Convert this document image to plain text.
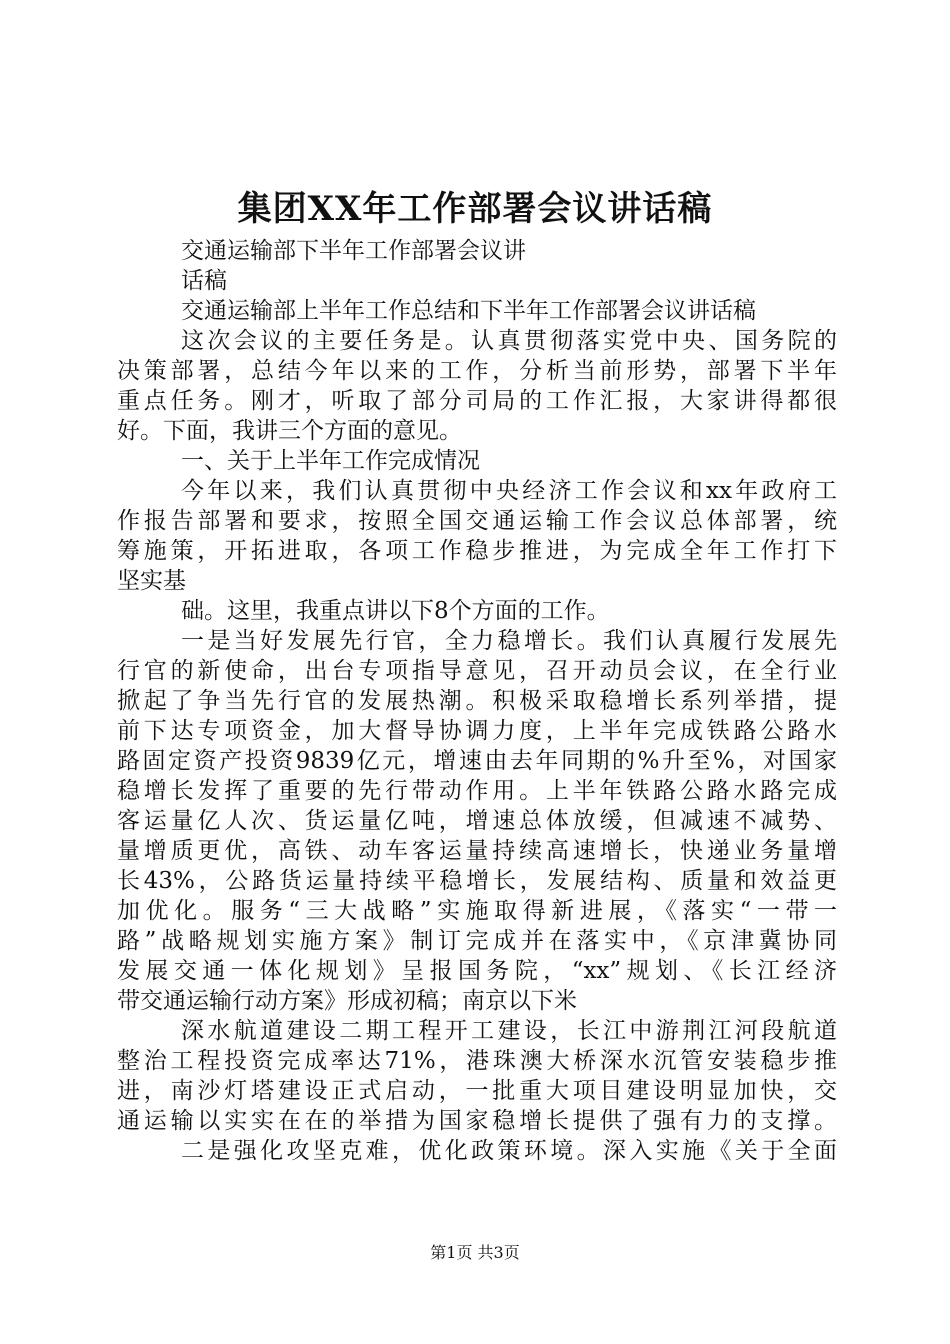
集团XX年工作部署会议讲话稿
交通运输部下半年工作部署会议讲
话稿
交通运输部上半年工作总结和下半年工作部署会议讲话稿
这次会议的主要任务是。认真贯彻落实党中央、国务院的
决策部署，总结今年以来的工作，分析当前形势，部署下半年
重点任务。刚才，听取了部分司局的工作汇报，大家讲得都很
好。下面，我讲三个方面的意见。
一、关于上半年工作完成情况
今年以来，我们认真贯彻中央经济工作会议和xx年政府工
作报告部署和要求，按照全国交通运输工作会议总体部署，统
筹施策，开拓进取，各项工作稳步推进，为完成全年工作打下
坚实基
础。这里，我重点讲以下8个方面的工作。
一是当好发展先行官，全力稳增长。我们认真履行发展先
行官的新使命，出台专项指导意见，召开动员会议，在全行业
掀起了争当先行官的发展热潮。积极采取稳增长系列举措，提
前下达专项资金，加大督导协调力度，上半年完成铁路公路水
路固定资产投资9839亿元，增速由去年同期的%升至%，对国家
稳增长发挥了重要的先行带动作用。上半年铁路公路水路完成
客运量亿人次、货运量亿吨，增速总体放缓，但减速不减势、
量增质更优，高铁、动车客运量持续高速增长，快递业务量增
长43%，公路货运量持续平稳增长，发展结构、质量和效益更
加优化。服务“三大战略”实施取得新进展，《落实“一带一
路”战略规划实施方案》制订完成并在落实中，《京津冀协同
发展交通一体化规划》呈报国务院，“xx”规划、《长江经济
带交通运输行动方案》形成初稿；南京以下米
深水航道建设二期工程开工建设，长江中游荆江河段航道
整治工程投资完成率达71%，港珠澳大桥深水沉管安装稳步推
进，南沙灯塔建设正式启动，一批重大项目建设明显加快，交
通运输以实实在在的举措为国家稳增长提供了强有力的支撑。
二是强化攻坚克难，优化政策环境。深入实施《关于全面
第1页 共3页
